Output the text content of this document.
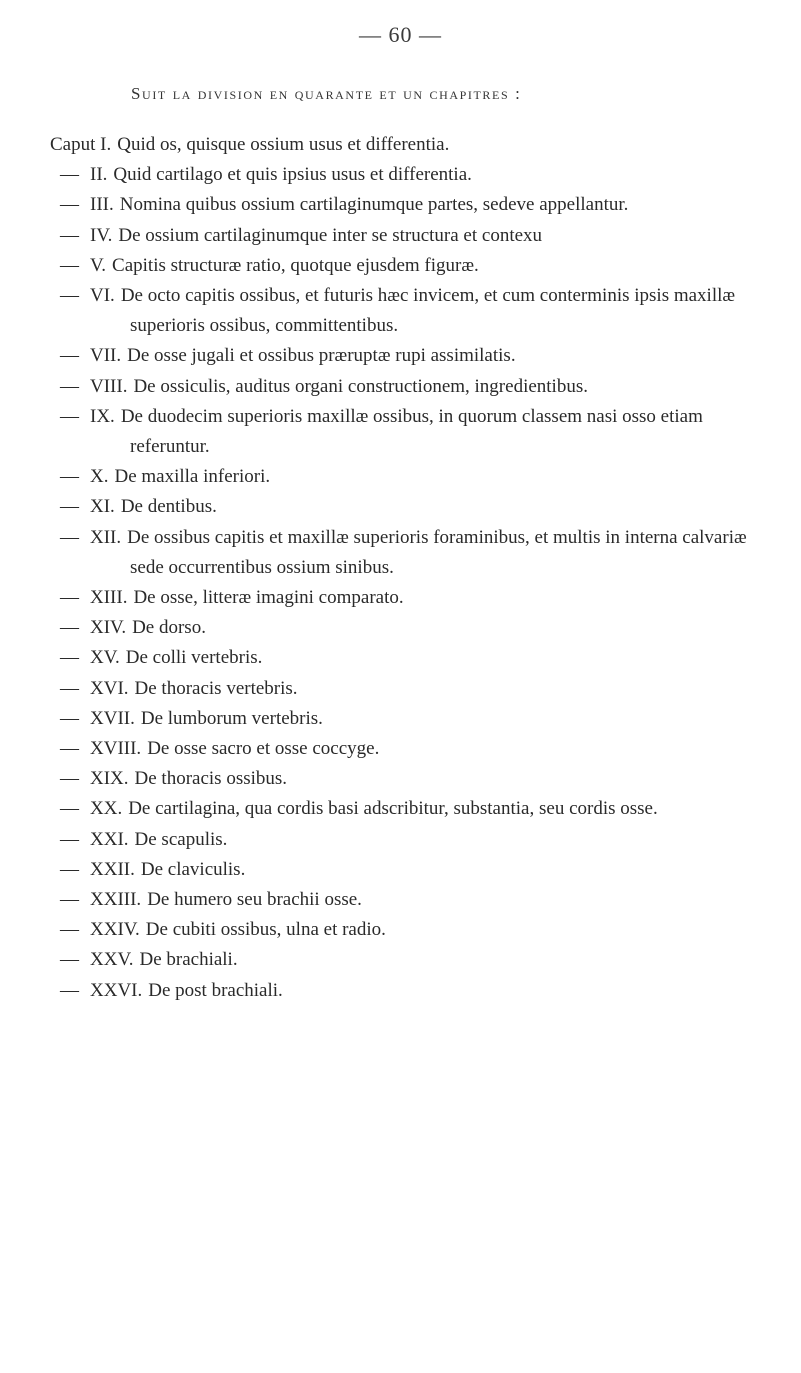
— 60 —
Suit la division en quarante et un chapitres :
Caput I. Quid os, quisque ossium usus et differentia.
— II. Quid cartilago et quis ipsius usus et differentia.
— III. Nomina quibus ossium cartilaginumque partes, sedeve appellantur.
— IV. De ossium cartilaginumque inter se structura et contexu
— V. Capitis structuræ ratio, quotque ejusdem figuræ.
— VI. De octo capitis ossibus, et futuris hæc invicem, et cum conterminis ipsis maxillæ superioris ossibus, committentibus.
— VII. De osse jugali et ossibus præruptæ rupi assimilatis.
— VIII. De ossiculis, auditus organi constructionem, ingredientibus.
— IX. De duodecim superioris maxillæ ossibus, in quorum classem nasi osso etiam referuntur.
— X. De maxilla inferiori.
— XI. De dentibus.
— XII. De ossibus capitis et maxillæ superioris foraminibus, et multis in interna calvariæ sede occurrentibus ossium sinibus.
— XIII. De osse, litteræ imagini comparato.
— XIV. De dorso.
— XV. De colli vertebris.
— XVI. De thoracis vertebris.
— XVII. De lumborum vertebris.
— XVIII. De osse sacro et osse coccyge.
— XIX. De thoracis ossibus.
— XX. De cartilagina, qua cordis basi adscribitur, substantia, seu cordis osse.
— XXI. De scapulis.
— XXII. De claviculis.
— XXIII. De humero seu brachii osse.
— XXIV. De cubiti ossibus, ulna et radio.
— XXV. De brachiali.
— XXVI. De post brachiali.
